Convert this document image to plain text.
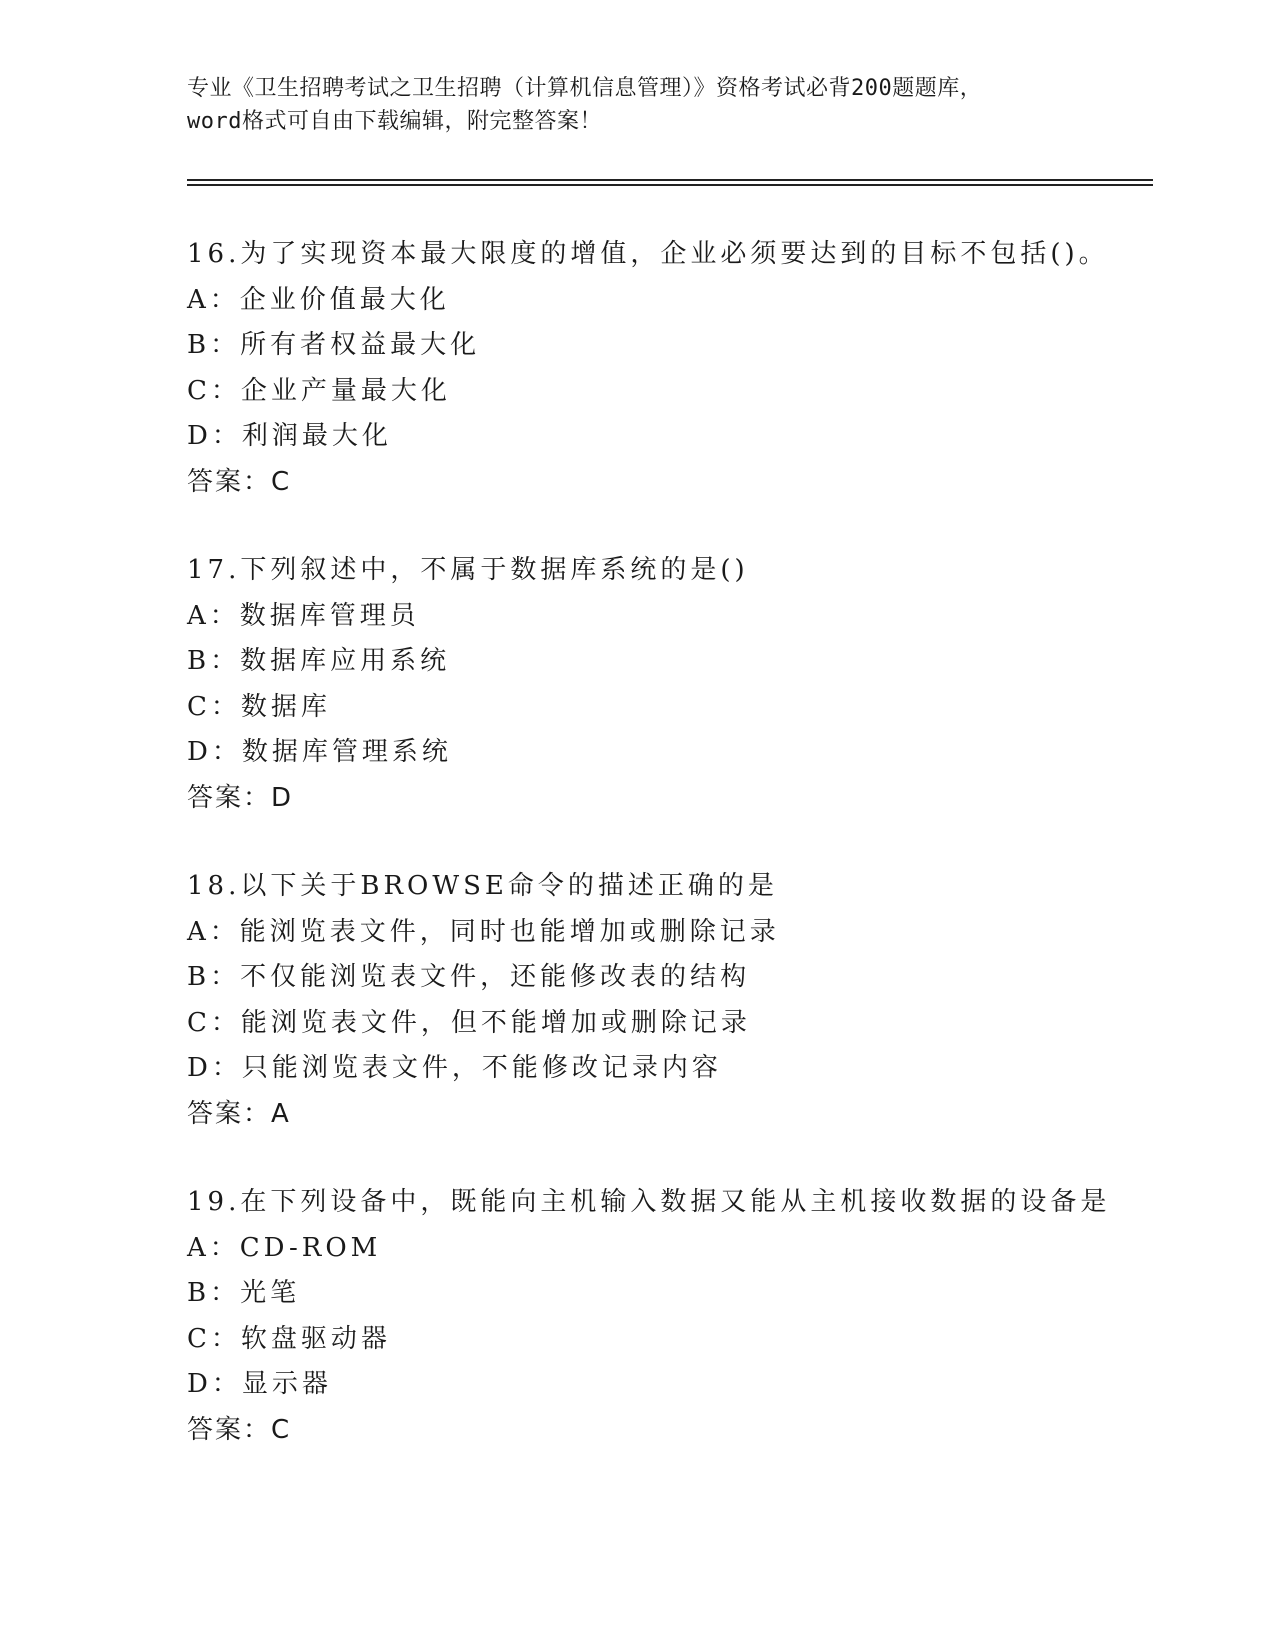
专业《卫生招聘考试之卫生招聘（计算机信息管理）》资格考试必背200题题库，
word格式可自由下载编辑，附完整答案！
16.为了实现资本最大限度的增值，企业必须要达到的目标不包括()。
A：企业价值最大化
B：所有者权益最大化
C：企业产量最大化
D：利润最大化
答案：C
17.下列叙述中，不属于数据库系统的是()
A：数据库管理员
B：数据库应用系统
C：数据库
D：数据库管理系统
答案：D
18.以下关于BROWSE命令的描述正确的是
A：能浏览表文件，同时也能增加或删除记录
B：不仅能浏览表文件，还能修改表的结构
C：能浏览表文件，但不能增加或删除记录
D：只能浏览表文件，不能修改记录内容
答案：A
19.在下列设备中，既能向主机输入数据又能从主机接收数据的设备是
A：CD-ROM
B：光笔
C：软盘驱动器
D：显示器
答案：C
